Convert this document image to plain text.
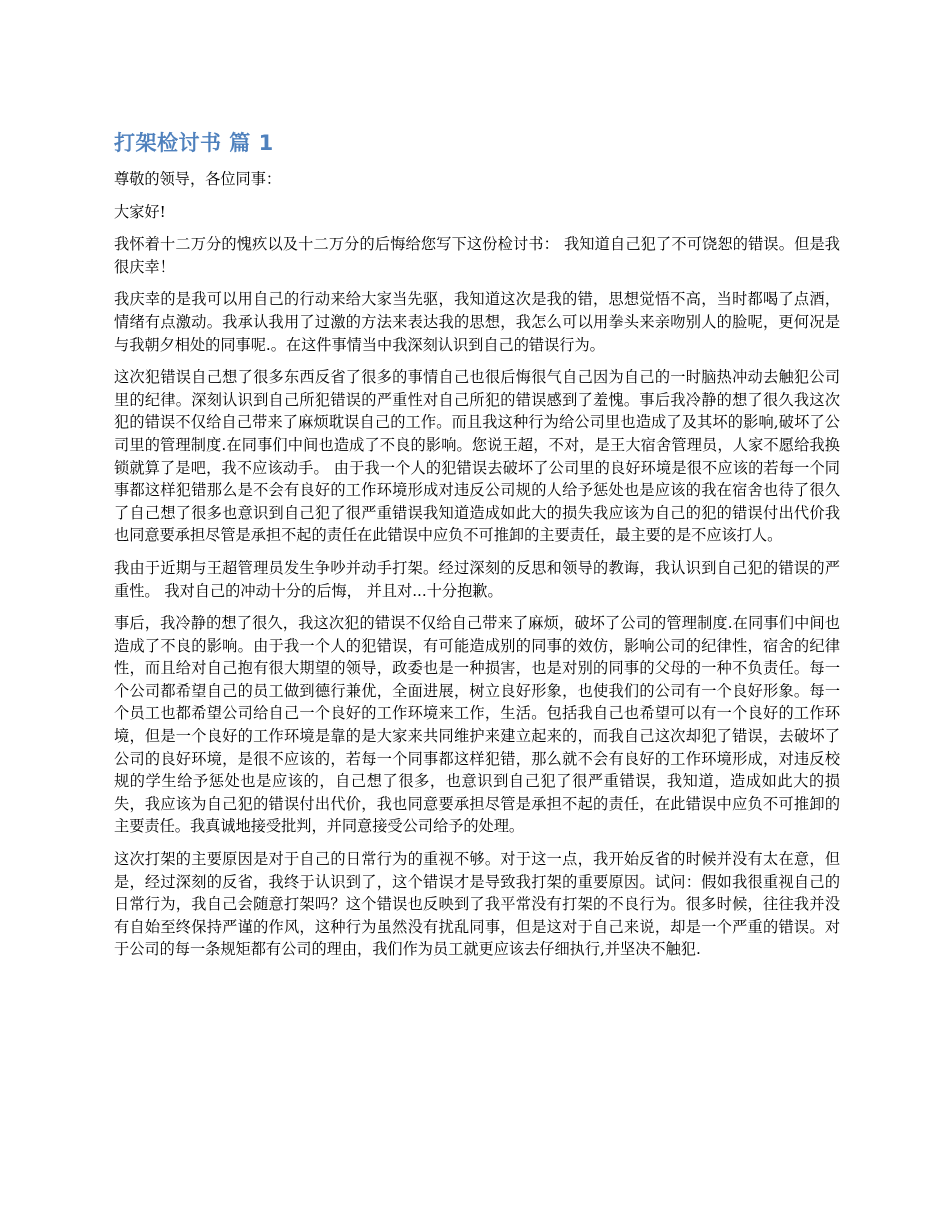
打架检讨书 篇 1

尊敬的领导，各位同事：

大家好!

我怀着十二万分的愧疚以及十二万分的后悔给您写下这份检讨书： 我知道自己犯了不可饶恕的错误。但是我很庆幸！

我庆幸的是我可以用自己的行动来给大家当先驱，我知道这次是我的错，思想觉悟不高，当时都喝了点酒，情绪有点激动。我承认我用了过激的方法来表达我的思想，我怎么可以用拳头来亲吻别人的脸呢，更何况是与我朝夕相处的同事呢.。在这件事情当中我深刻认识到自己的错误行为。

这次犯错误自己想了很多东西反省了很多的事情自己也很后悔很气自己因为自己的一时脑热冲动去触犯公司里的纪律。深刻认识到自己所犯错误的严重性对自己所犯的错误感到了羞愧。事后我冷静的想了很久我这次犯的错误不仅给自己带来了麻烦耽误自己的工作。而且我这种行为给公司里也造成了及其坏的影响,破坏了公司里的管理制度.在同事们中间也造成了不良的影响。您说王超，不对，是王大宿舍管理员，人家不愿给我换锁就算了是吧，我不应该动手。 由于我一个人的犯错误去破坏了公司里的良好环境是很不应该的若每一个同事都这样犯错那么是不会有良好的工作环境形成对违反公司规的人给予惩处也是应该的我在宿舍也待了很久了自己想了很多也意识到自己犯了很严重错误我知道造成如此大的损失我应该为自己的犯的错误付出代价我也同意要承担尽管是承担不起的责任在此错误中应负不可推卸的主要责任，最主要的是不应该打人。

我由于近期与王超管理员发生争吵并动手打架。经过深刻的反思和领导的教诲，我认识到自己犯的错误的严重性。 我对自己的冲动十分的后悔， 并且对...十分抱歉。

事后，我冷静的想了很久，我这次犯的错误不仅给自己带来了麻烦，破坏了公司的管理制度.在同事们中间也造成了不良的影响。由于我一个人的犯错误，有可能造成别的同事的效仿，影响公司的纪律性，宿舍的纪律性，而且给对自己抱有很大期望的领导，政委也是一种损害，也是对别的同事的父母的一种不负责任。每一个公司都希望自己的员工做到德行兼优，全面进展，树立良好形象，也使我们的公司有一个良好形象。每一个员工也都希望公司给自己一个良好的工作环境来工作，生活。包括我自己也希望可以有一个良好的工作环境，但是一个良好的工作环境是靠的是大家来共同维护来建立起来的，而我自己这次却犯了错误，去破坏了公司的良好环境，是很不应该的，若每一个同事都这样犯错，那么就不会有良好的工作环境形成，对违反校规的学生给予惩处也是应该的，自己想了很多，也意识到自己犯了很严重错误，我知道，造成如此大的损失，我应该为自己犯的错误付出代价，我也同意要承担尽管是承担不起的责任，在此错误中应负不可推卸的主要责任。我真诚地接受批判，并同意接受公司给予的处理。

这次打架的主要原因是对于自己的日常行为的重视不够。对于这一点，我开始反省的时候并没有太在意，但是，经过深刻的反省，我终于认识到了，这个错误才是导致我打架的重要原因。试问：假如我很重视自己的日常行为，我自己会随意打架吗？这个错误也反映到了我平常没有打架的不良行为。很多时候，往往我并没有自始至终保持严谨的作风，这种行为虽然没有扰乱同事，但是这对于自己来说，却是一个严重的错误。对于公司的每一条规矩都有公司的理由，我们作为员工就更应该去仔细执行,并坚决不触犯.
